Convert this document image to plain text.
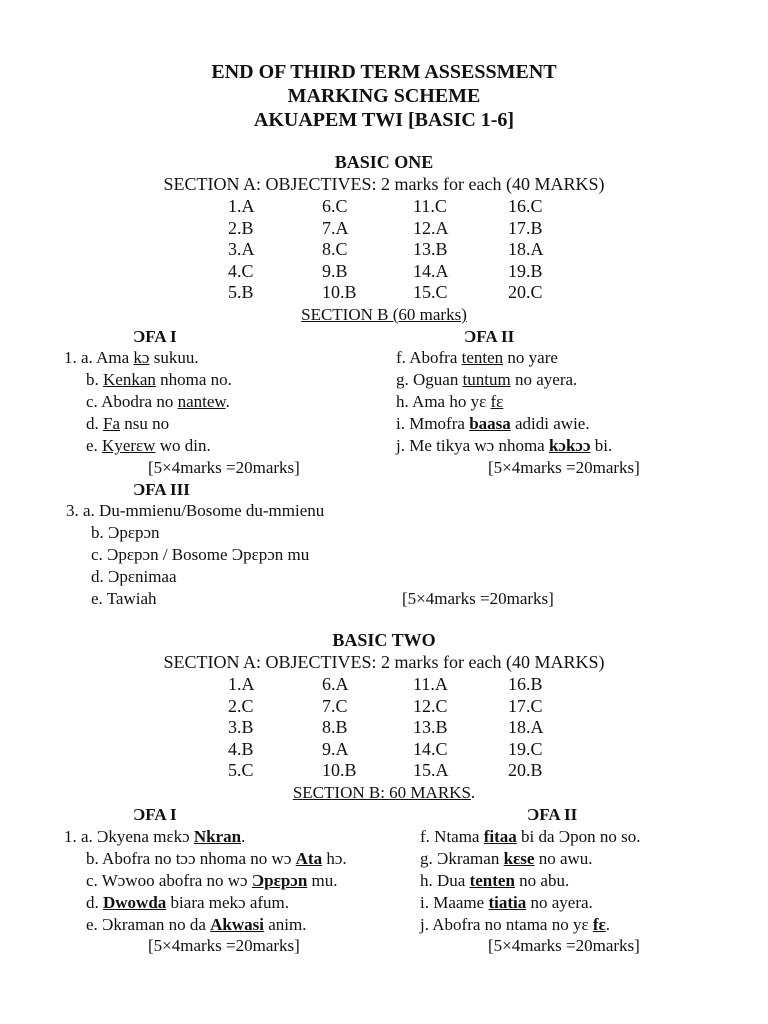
END OF THIRD TERM ASSESSMENT
MARKING SCHEME
AKUAPEM TWI [BASIC 1-6]
BASIC ONE
SECTION A: OBJECTIVES: 2 marks for each (40 MARKS)
1.A	6.C	11.C	16.C
2.B	7.A	12.A	17.B
3.A	8.C	13.B	18.A
4.C	9.B	14.A	19.B
5.B	10.B	15.C	20.C
SECTION B (60 marks)
ƆFA I	ƆFA II
1. a. Ama kɔ sukuu.
b. Kenkan nhoma no.
c. Abodra no nantew.
d. Fa nsu no
e. Kyerɛw wo din.
f. Abofra tenten no yare
g. Oguan tuntum no ayera.
h. Ama ho yɛ fɛ
i. Mmofra baasa adidi awie.
j. Me tikya wɔ nhoma kɔkɔɔ bi.
[5×4marks =20marks]	[5×4marks =20marks]
ƆFA III
3. a. Du-mmienu/Bosome du-mmienu
b. Ɔpɛpɔn
c. Ɔpɛpɔn / Bosome Ɔpɛpɔn mu
d. Ɔpɛnimaa
e. Tawiah	[5×4marks =20marks]
BASIC TWO
SECTION A: OBJECTIVES: 2 marks for each (40 MARKS)
1.A	6.A	11.A	16.B
2.C	7.C	12.C	17.C
3.B	8.B	13.B	18.A
4.B	9.A	14.C	19.C
5.C	10.B	15.A	20.B
SECTION B: 60 MARKS.
ƆFA I	ƆFA II
1. a. Ɔkyena mɛkɔ Nkran.
b. Abofra no tɔɔ nhoma no wɔ Ata hɔ.
c. Wɔwoo abofra no wɔ Ɔpɛpɔn mu.
d. Dwowda biara mekɔ afum.
e. Ɔkraman no da Akwasi anim.
f. Ntama fitaa bi da Ɔpon no so.
g. Ɔkraman kɛse no awu.
h. Dua tenten no abu.
i. Maame tiatia no ayera.
j. Abofra no ntama no yɛ fɛ.
[5×4marks =20marks]	[5×4marks =20marks]
